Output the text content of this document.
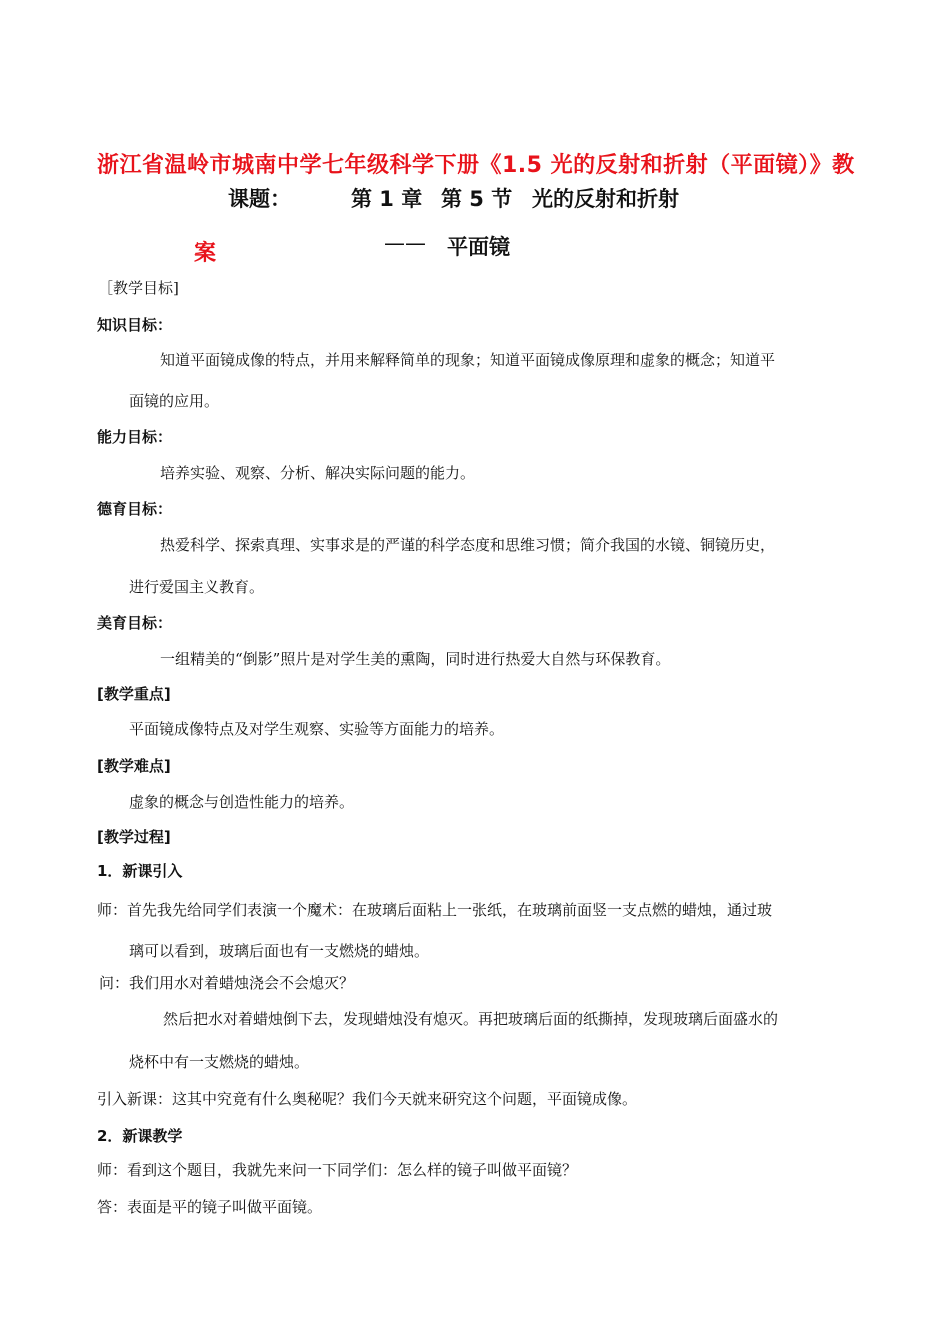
浙江省温岭市城南中学七年级科学下册《1.5 光的反射和折射（平面镜）》教
案
课题：	第 1 章 第 5 节 光的反射和折射
—— 平面镜
［教学目标]
知识目标：
知道平面镜成像的特点，并用来解释简单的现象；知道平面镜成像原理和虚象的概念；知道平
面镜的应用。
能力目标：
培养实验、观察、分析、解决实际问题的能力。
德育目标：
热爱科学、探索真理、实事求是的严谨的科学态度和思维习惯；简介我国的水镜、铜镜历史，
进行爱国主义教育。
美育目标：
一组精美的“倒影”照片是对学生美的熏陶，同时进行热爱大自然与环保教育。
[教学重点]
平面镜成像特点及对学生观察、实验等方面能力的培养。
[教学难点]
虚象的概念与创造性能力的培养。
[教学过程]
1．新课引入
师：首先我先给同学们表演一个魔术：在玻璃后面粘上一张纸，在玻璃前面竖一支点燃的蜡烛，通过玻
璃可以看到，玻璃后面也有一支燃烧的蜡烛。
问：我们用水对着蜡烛浇会不会熄灭？
然后把水对着蜡烛倒下去，发现蜡烛没有熄灭。再把玻璃后面的纸撕掉，发现玻璃后面盛水的
烧杯中有一支燃烧的蜡烛。
引入新课：这其中究竟有什么奥秘呢？我们今天就来研究这个问题，平面镜成像。
2．新课教学
师：看到这个题目，我就先来问一下同学们：怎么样的镜子叫做平面镜？
答：表面是平的镜子叫做平面镜。
